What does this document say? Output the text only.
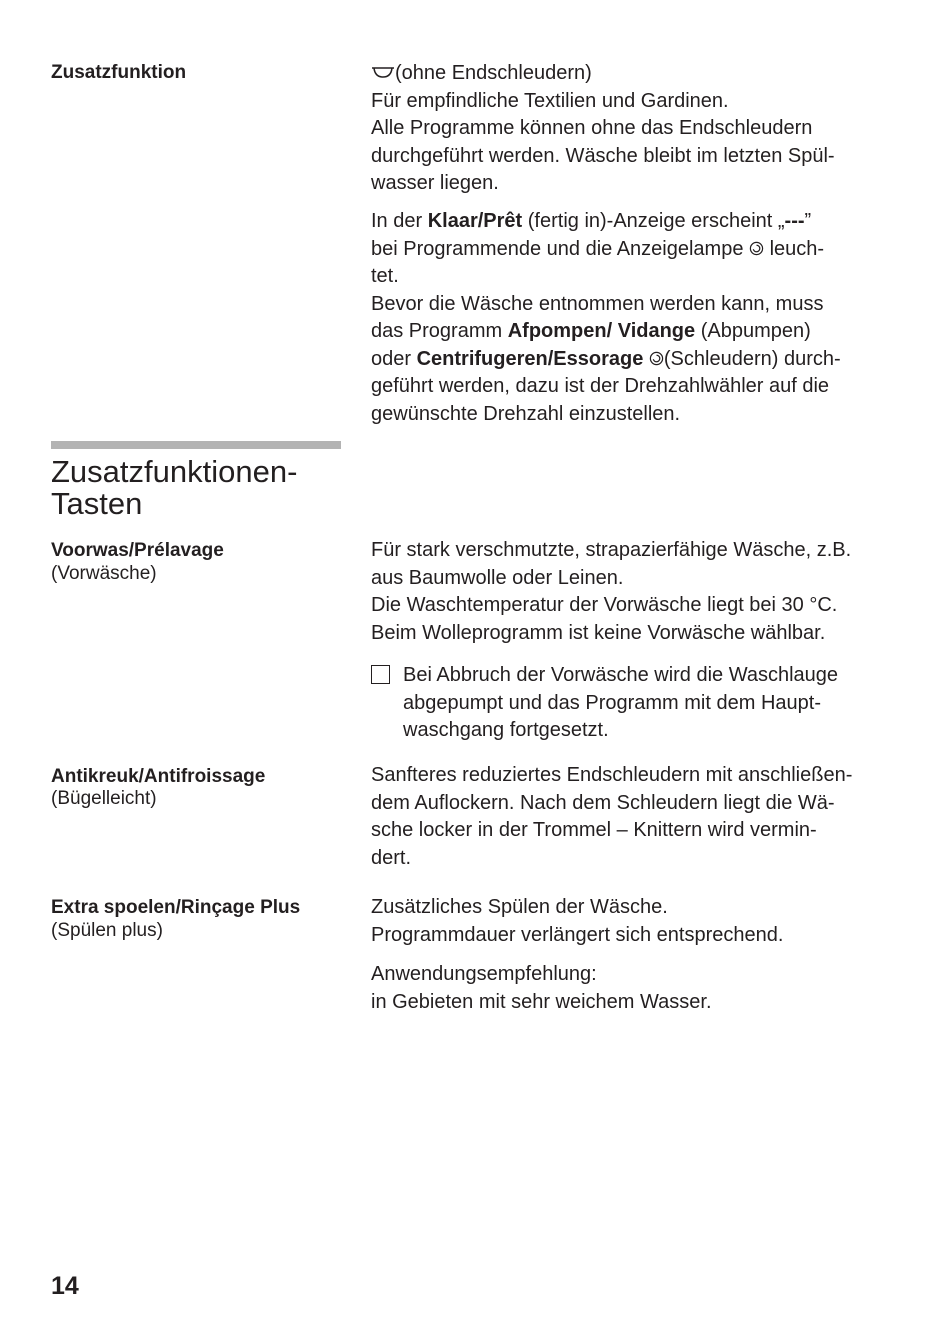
Zusatzfunktion	(ohne Endschleudern)

Für empfindliche Textilien und Gardinen.

Alle Programme können ohne das Endschleudern

durchgeführt werden. Wäsche bleibt im letzten Spül-

wasser liegen.

In der Klaar/Prêt (fertig in)-Anzeige erscheint „---”

bei Programmende und die Anzeigelampe  leuch-

tet.

Bevor die Wäsche entnommen werden kann, muss

das Programm Afpompen/ Vidange (Abpumpen)

oder Centrifugeren/Essorage (Schleudern) durch-

geführt werden, dazu ist der Drehzahlwähler auf die

gewünschte Drehzahl einzustellen.

Zusatzfunktionen-
Tasten
Voorwas/Prélavage
(Vorwäsche)

Für stark verschmutzte, strapazierfähige Wäsche, z.B.

aus Baumwolle oder Leinen.

Die Waschtemperatur der Vorwäsche liegt bei 30 °C.

Beim Wolleprogramm ist keine Vorwäsche wählbar.

Bei Abbruch der Vorwäsche wird die Waschlauge

abgepumpt und das Programm mit dem Haupt-

waschgang fortgesetzt.

Antikreuk/Antifroissage
(Bügelleicht)

Sanfteres reduziertes Endschleudern mit anschließen-

dem Auflockern. Nach dem Schleudern liegt die Wä-

sche locker in der Trommel – Knittern wird vermin-

dert.

Extra spoelen/Rinçage Plus
(Spülen plus)

Zusätzliches Spülen der Wäsche.

Programmdauer verlängert sich entsprechend.

Anwendungsempfehlung:

in Gebieten mit sehr weichem Wasser.

14
